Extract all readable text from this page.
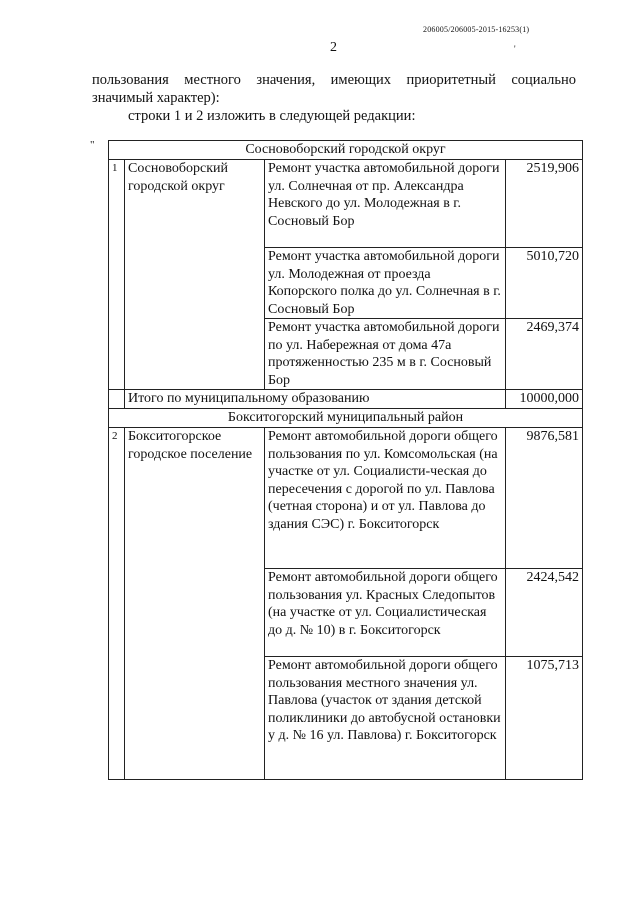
206005/206005-2015-16253(1)
2	'
пользования местного значения, имеющих приоритетный социально
значимый характер):
строки 1 и 2 изложить в следующей редакции:
"	Сосновоборский городской округ			
1	Сосновоборский городской округ	Ремонт участка автомобильной дороги ул. Солнечная от пр. Александра Невского до ул. Молодежная в г. Сосновый Бор	2519,906
		Ремонт участка автомобильной дороги ул. Молодежная от проезда Копорского полка до ул. Солнечная в г. Сосновый Бор	5010,720
		Ремонт участка автомобильной дороги по ул. Набережная от дома 47а протяженностью 235 м в г. Сосновый Бор	2469,374
	Итого по муниципальному образованию		10000,000
Бокситогорский муниципальный район			
2	Бокситогорское городское поселение	Ремонт автомобильной дороги общего пользования по ул. Комсомольская (на участке от ул. Социалисти-ческая до пересечения с дорогой по ул. Павлова (четная сторона) и от ул. Павлова до здания СЭС) г. Бокситогорск	9876,581
		Ремонт автомобильной дороги общего пользования ул. Красных Следопытов (на участке от ул. Социалистическая до д. № 10) в г. Бокситогорск	2424,542
		Ремонт автомобильной дороги общего пользования местного значения ул. Павлова (участок от здания детской поликлиники до автобусной остановки у д. № 16 ул. Павлова) г. Бокситогорск	1075,713
